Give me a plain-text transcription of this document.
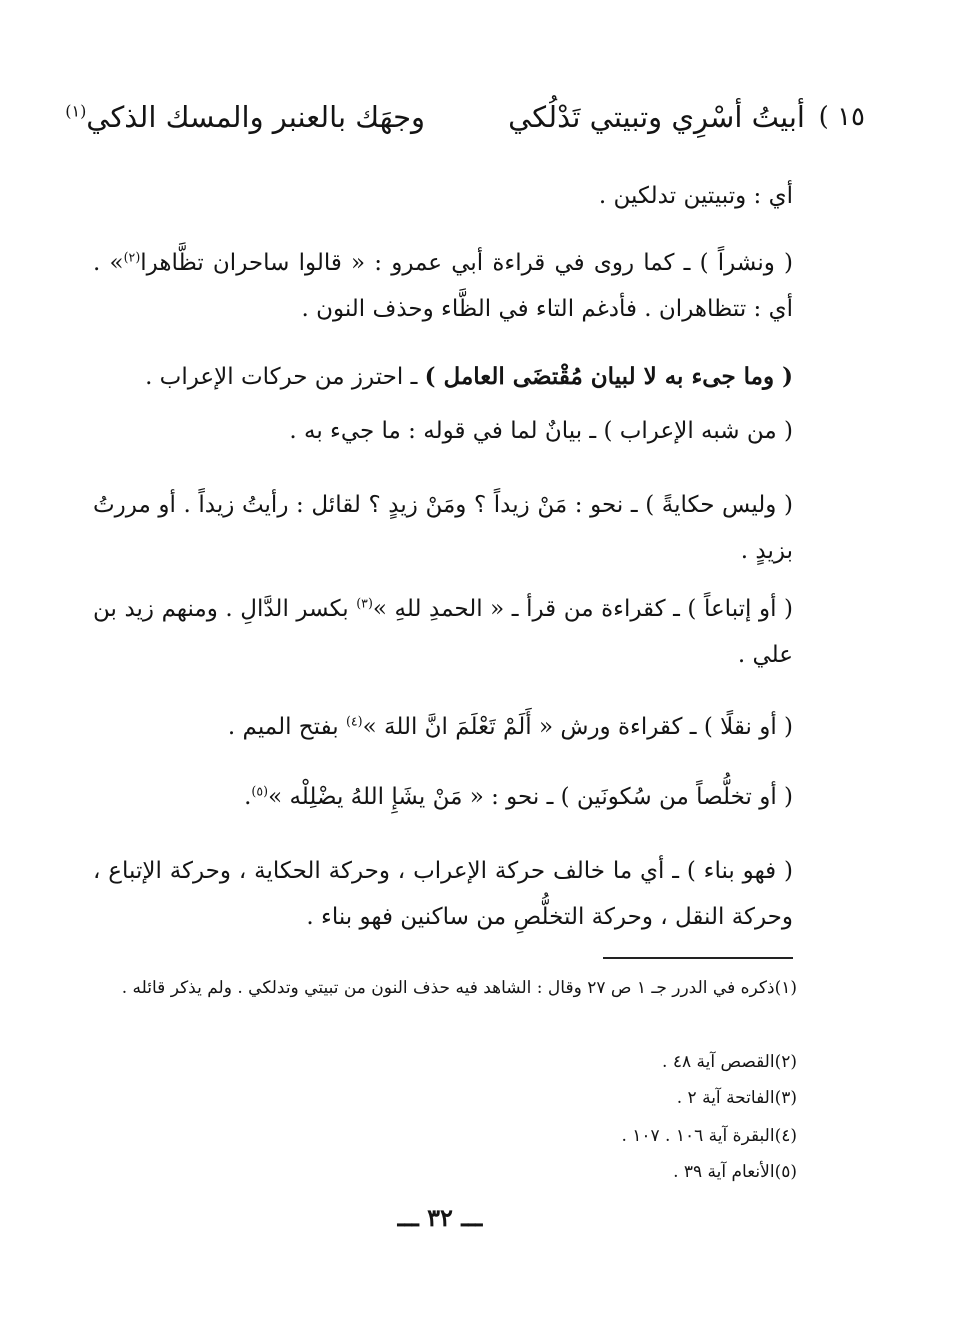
١٥ )
أبيتُ أسْرِي وتبيتي تَدْلُكي
وجهَك بالعنبر والمسك الذكي$^{(١)}$
أي : وتبيتين تدلكين .
( ونشراً ) ـ كما روى في قراءة أبي عمرو : « قالوا ساحران تظَّاهرا$^{(٢)}$» . أي : تتظاهران . فأدغم التاء في الظَّاء وحذف النون .
( وما جىء به لا لبيان مُقْتضَى العامل ) ـ احترز من حركات الإعراب .
( من شبه الإعراب ) ـ بيانٌ لما في قوله : ما جيء به .
( وليس حكايةً ) ـ نحو : مَنْ زيداً ؟ ومَنْ زيدٍ ؟ لقائل : رأيتُ زيداً . أو مررتُ بزيدٍ .
( أو إتباعاً ) ـ كقراءة من قرأ ـ « الحمدِ للهِ »$^{(٣)}$ بكسر الدَّالِ . ومنهم زيد بن علي .
( أو نقلًا ) ـ كقراءة ورش « أَلَمْ تَعْلَمَ انَّ اللهَ »$^{(٤)}$ بفتح الميم .
( أو تخلُّصاً من سُكونَين ) ـ نحو : « مَنْ يشَإِ اللهُ يضْلِلْه »$^{(٥)}$.
( فهو بناء ) ـ أي ما خالف حركة الإعراب ، وحركة الحكاية ، وحركة الإتباع ، وحركة النقل ، وحركة التخلُّصِ من ساكنين فهو بناء .
(١)ذكره في الدرر جـ ١ ص ٢٧ وقال : الشاهد فيه حذف النون من تبيتي وتدلكي . ولم يذكر قائله .
(٢)القصص آية ٤٨ .
(٣)الفاتحة آية ٢ .
(٤)البقرة آية ١٠٦ . ١٠٧ .
(٥)الأنعام آية ٣٩ .
ـــ ٣٢ ـــ
